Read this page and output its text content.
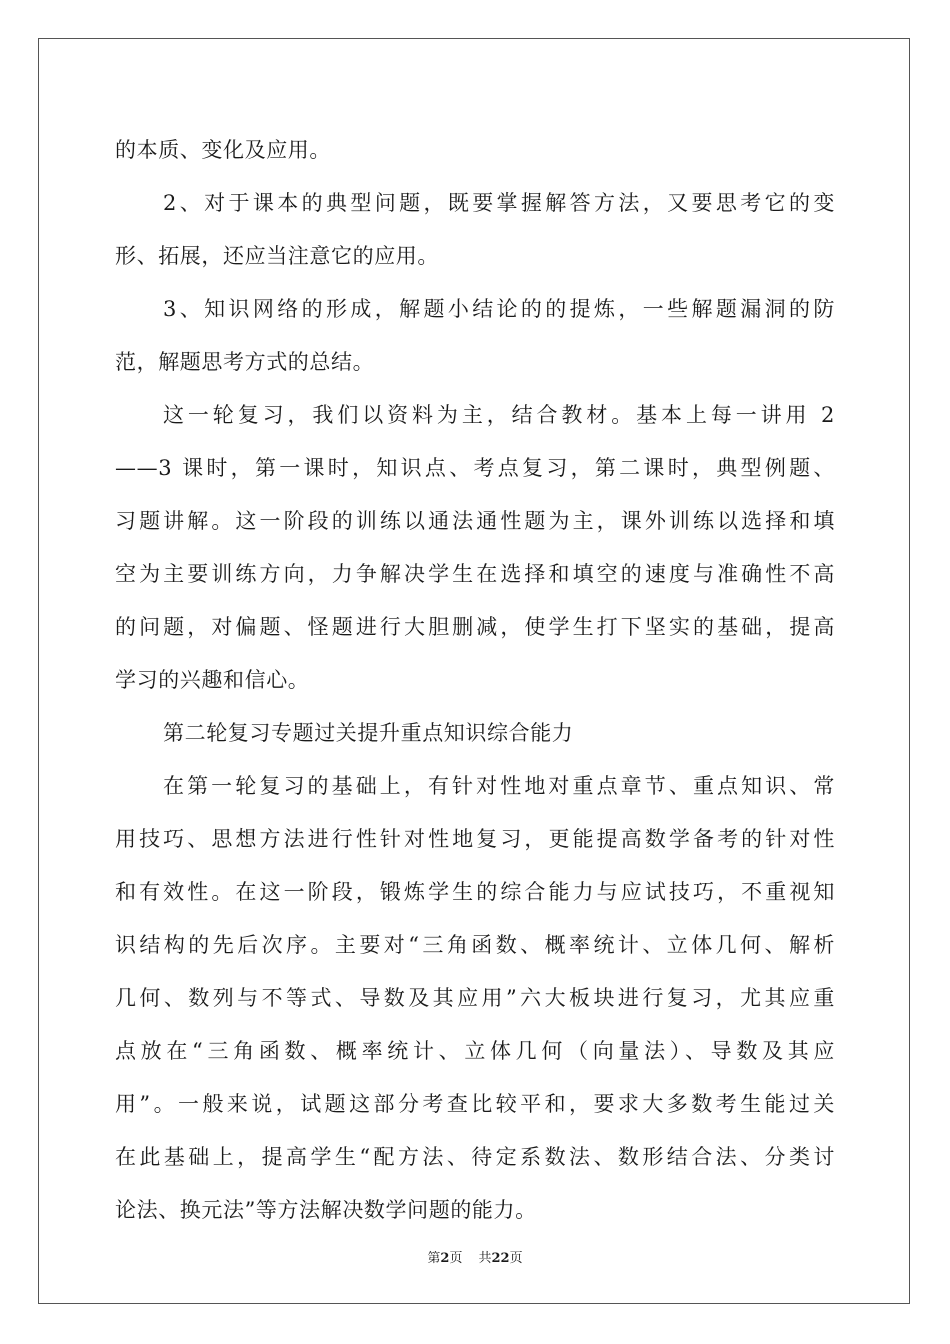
的本质、变化及应用。
2、对于课本的典型问题，既要掌握解答方法，又要思考它的变
形、拓展，还应当注意它的应用。
3、知识网络的形成，解题小结论的的提炼，一些解题漏洞的防
范，解题思考方式的总结。
这一轮复习，我们以资料为主，结合教材。基本上每一讲用 2
——3 课时，第一课时，知识点、考点复习，第二课时，典型例题、
习题讲解。这一阶段的训练以通法通性题为主，课外训练以选择和填
空为主要训练方向，力争解决学生在选择和填空的速度与准确性不高
的问题，对偏题、怪题进行大胆删减，使学生打下坚实的基础，提高
学习的兴趣和信心。
第二轮复习专题过关提升重点知识综合能力
在第一轮复习的基础上，有针对性地对重点章节、重点知识、常
用技巧、思想方法进行性针对性地复习，更能提高数学备考的针对性
和有效性。在这一阶段，锻炼学生的综合能力与应试技巧，不重视知
识结构的先后次序。主要对“三角函数、概率统计、立体几何、解析
几何、数列与不等式、导数及其应用”六大板块进行复习，尤其应重
点放在“三角函数、概率统计、立体几何（向量法）、导数及其应
用”。一般来说，试题这部分考查比较平和，要求大多数考生能过关
在此基础上，提高学生“配方法、待定系数法、数形结合法、分类讨
论法、换元法”等方法解决数学问题的能力。
第2页 共22页
